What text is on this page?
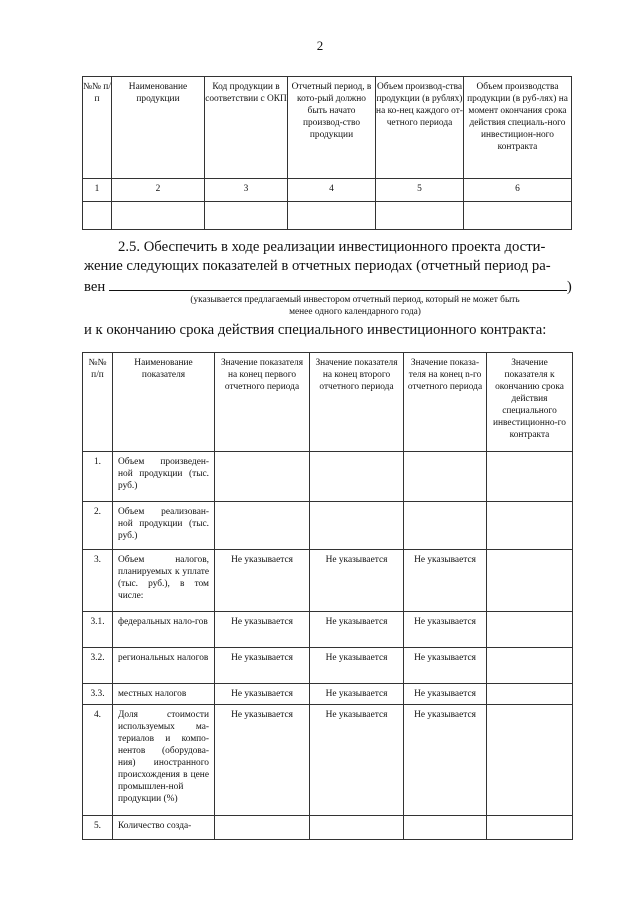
2
№№ п/п	Наименование продукции	Код продукции в соответствии с ОКП	Отчетный период, в кото-рый должно быть начато производ-ство продукции	Объем производ-ства продукции (в рублях) на ко-нец каждого от-четного периода	Объем производства продукции (в руб-лях) на момент окончания срока действия специаль-ного инвестицион-ного контракта
1	2	3	4	5	6

2.5. Обеспечить в ходе реализации инвестиционного проекта дости-
жение следующих показателей в отчетных периодах (отчетный период ра-
вен	)
(указывается предлагаемый инвестором отчетный период, который не может быть
менее одного календарного года)
и к окончанию срока действия специального инвестиционного контракта:
№№ п/п	Наименование показателя	Значение показателя на конец первого отчетного периода	Значение показателя на конец второго отчетного периода	Значение показа-теля на конец n-го отчетного периода	Значение показателя к окончанию срока действия специального инвестиционно-го контракта
1.	Объем произведен-ной продукции (тыс. руб.)				
2.	Объем реализован-ной продукции (тыс. руб.)				
3.	Объем налогов, планируемых к уплате (тыс. руб.), в том числе:	Не указывается	Не указывается	Не указывается	
3.1.	федеральных нало-гов	Не указывается	Не указывается	Не указывается	
3.2.	региональных налогов	Не указывается	Не указывается	Не указывается	
3.3.	местных налогов	Не указывается	Не указывается	Не указывается	
4.	Доля стоимости используемых ма-териалов и компо-нентов (оборудова-ния) иностранного происхождения в цене промышлен-ной продукции (%)	Не указывается	Не указывается	Не указывается	
5.	Количество созда-				
